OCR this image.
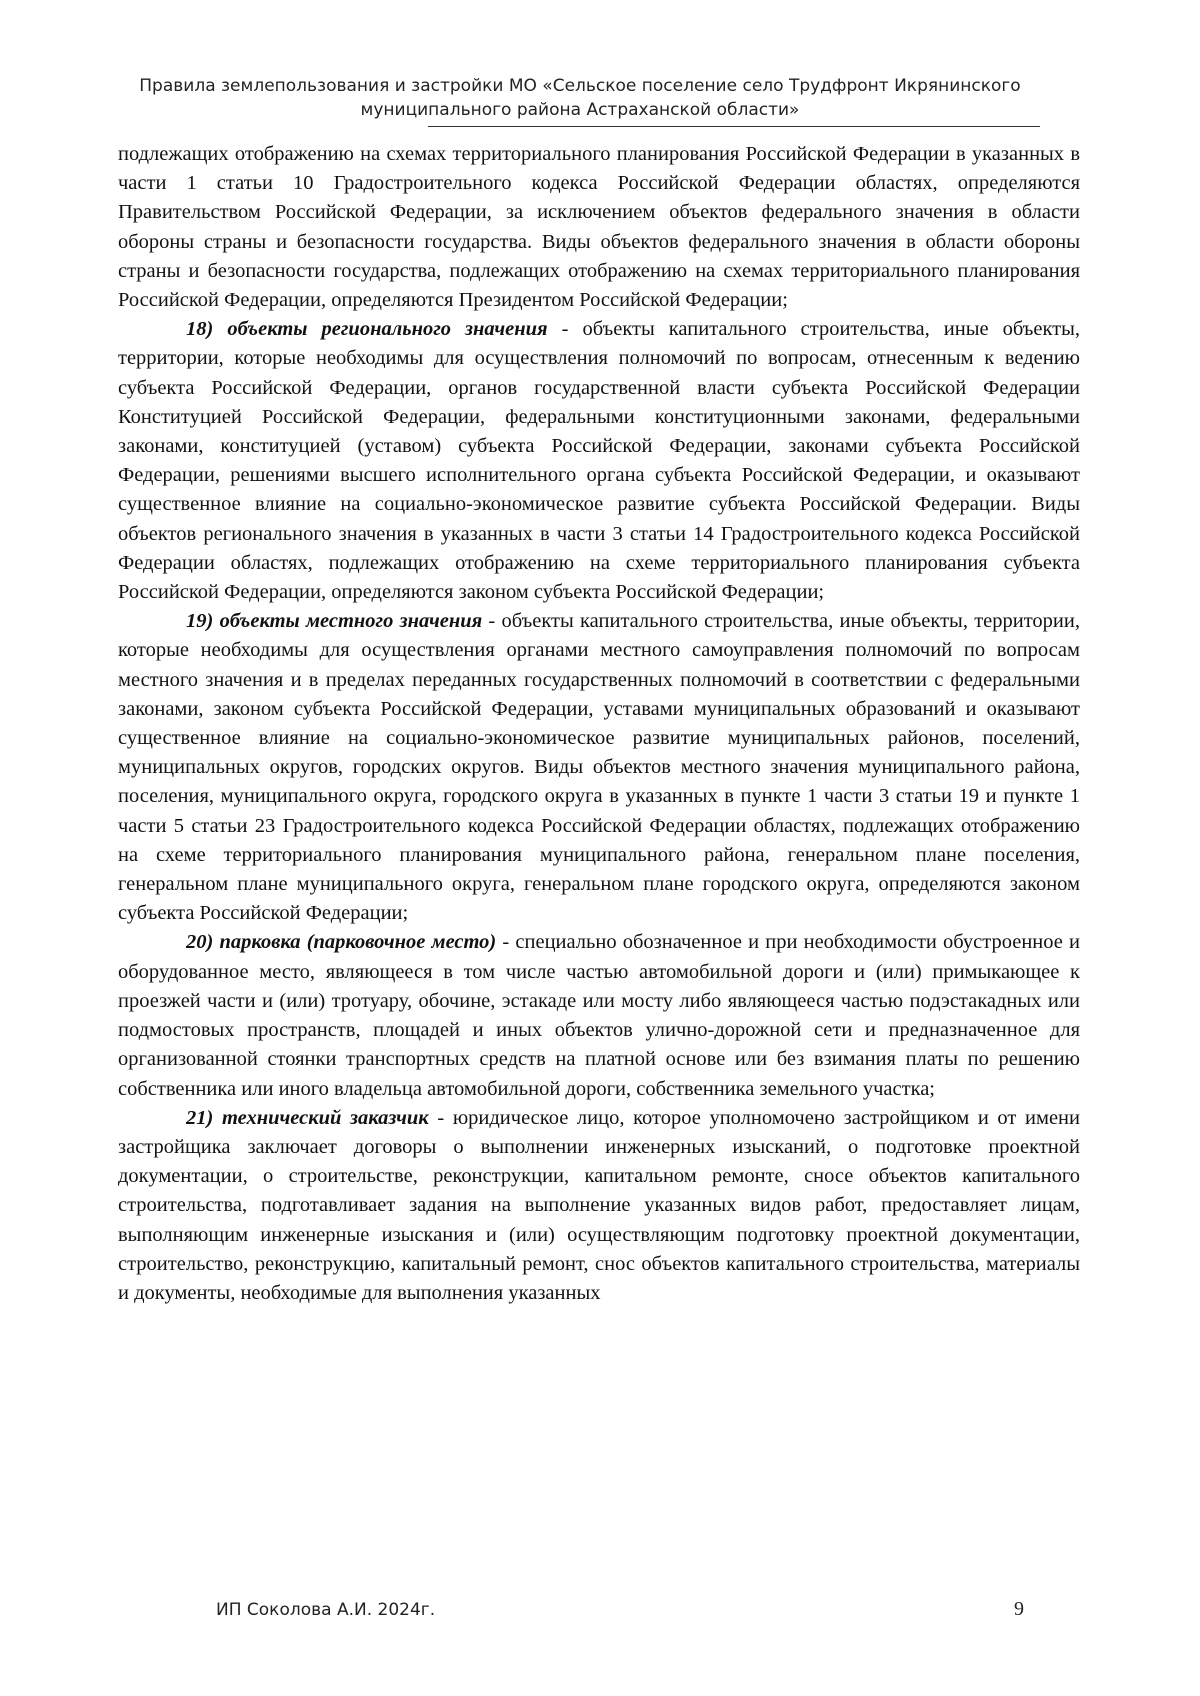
Правила землепользования и застройки МО «Сельское поселение село Трудфронт Икрянинского
муниципального района Астраханской области»

подлежащих отображению на схемах территориального планирования Российской Федерации в указанных в части 1 статьи 10 Градостроительного кодекса Российской Федерации областях, определяются Правительством Российской Федерации, за исключением объектов федерального значения в области обороны страны и безопасности государства. Виды объектов федерального значения в области обороны страны и безопасности государства, подлежащих отображению на схемах территориального планирования Российской Федерации, определяются Президентом Российской Федерации;

18) объекты регионального значения - объекты капитального строительства, иные объекты, территории, которые необходимы для осуществления полномочий по вопросам, отнесенным к ведению субъекта Российской Федерации, органов государственной власти субъекта Российской Федерации Конституцией Российской Федерации, федеральными конституционными законами, федеральными законами, конституцией (уставом) субъекта Российской Федерации, законами субъекта Российской Федерации, решениями высшего исполнительного органа субъекта Российской Федерации, и оказывают существенное влияние на социально-экономическое развитие субъекта Российской Федерации. Виды объектов регионального значения в указанных в части 3 статьи 14 Градостроительного кодекса Российской Федерации областях, подлежащих отображению на схеме территориального планирования субъекта Российской Федерации, определяются законом субъекта Российской Федерации;

19) объекты местного значения - объекты капитального строительства, иные объекты, территории, которые необходимы для осуществления органами местного самоуправления полномочий по вопросам местного значения и в пределах переданных государственных полномочий в соответствии с федеральными законами, законом субъекта Российской Федерации, уставами муниципальных образований и оказывают существенное влияние на социально-экономическое развитие муниципальных районов, поселений, муниципальных округов, городских округов. Виды объектов местного значения муниципального района, поселения, муниципального округа, городского округа в указанных в пункте 1 части 3 статьи 19 и пункте 1 части 5 статьи 23 Градостроительного кодекса Российской Федерации областях, подлежащих отображению на схеме территориального планирования муниципального района, генеральном плане поселения, генеральном плане муниципального округа, генеральном плане городского округа, определяются законом субъекта Российской Федерации;

20) парковка (парковочное место) - специально обозначенное и при необходимости обустроенное и оборудованное место, являющееся в том числе частью автомобильной дороги и (или) примыкающее к проезжей части и (или) тротуару, обочине, эстакаде или мосту либо являющееся частью подэстакадных или подмостовых пространств, площадей и иных объектов улично-дорожной сети и предназначенное для организованной стоянки транспортных средств на платной основе или без взимания платы по решению собственника или иного владельца автомобильной дороги, собственника земельного участка;

21) технический заказчик - юридическое лицо, которое уполномочено застройщиком и от имени застройщика заключает договоры о выполнении инженерных изысканий, о подготовке проектной документации, о строительстве, реконструкции, капитальном ремонте, сносе объектов капитального строительства, подготавливает задания на выполнение указанных видов работ, предоставляет лицам, выполняющим инженерные изыскания и (или) осуществляющим подготовку проектной документации, строительство, реконструкцию, капитальный ремонт, снос объектов капитального строительства, материалы и документы, необходимые для выполнения указанных

ИП Соколова А.И. 2024г.	9
